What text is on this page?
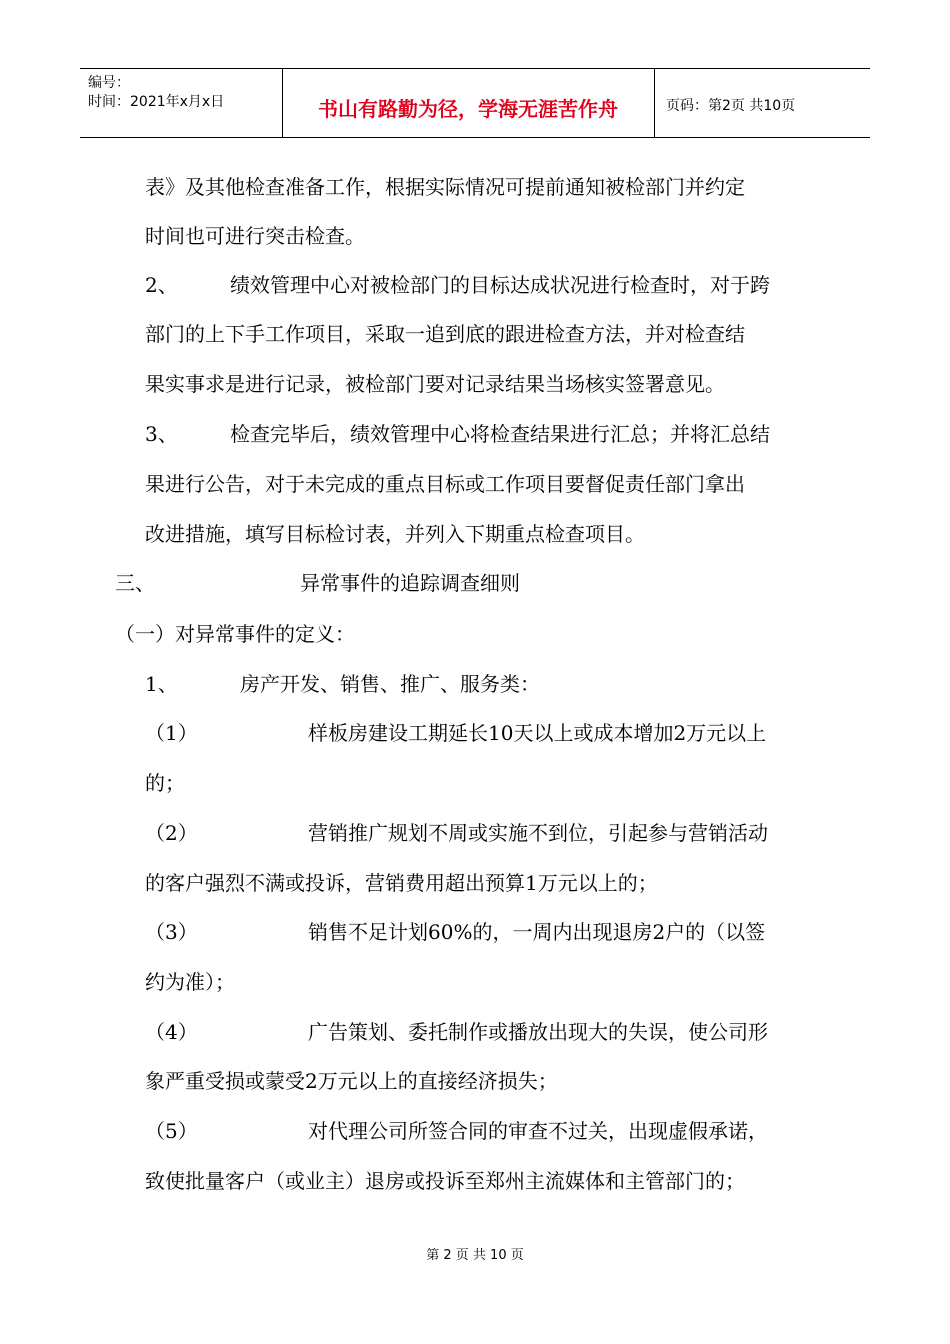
编号：
时间：2021年x月x日	书山有路勤为径，学海无涯苦作舟	页码：第2页 共10页
表》及其他检查准备工作，根据实际情况可提前通知被检部门并约定
时间也可进行突击检查。
2、	绩效管理中心对被检部门的目标达成状况进行检查时，对于跨
部门的上下手工作项目，采取一追到底的跟进检查方法，并对检查结
果实事求是进行记录，被检部门要对记录结果当场核实签署意见。
3、	检查完毕后，绩效管理中心将检查结果进行汇总；并将汇总结
果进行公告，对于未完成的重点目标或工作项目要督促责任部门拿出
改进措施，填写目标检讨表，并列入下期重点检查项目。
三、	异常事件的追踪调查细则
（一）对异常事件的定义：
1、	房产开发、销售、推广、服务类：
（1）	样板房建设工期延长10天以上或成本增加2万元以上
的；
（2）	营销推广规划不周或实施不到位，引起参与营销活动
的客户强烈不满或投诉，营销费用超出预算1万元以上的；
（3）	销售不足计划60%的，一周内出现退房2户的（以签
约为准）；
（4）	广告策划、委托制作或播放出现大的失误，使公司形
象严重受损或蒙受2万元以上的直接经济损失；
（5）	对代理公司所签合同的审查不过关，出现虚假承诺，
致使批量客户（或业主）退房或投诉至郑州主流媒体和主管部门的；
第 2 页 共 10 页
